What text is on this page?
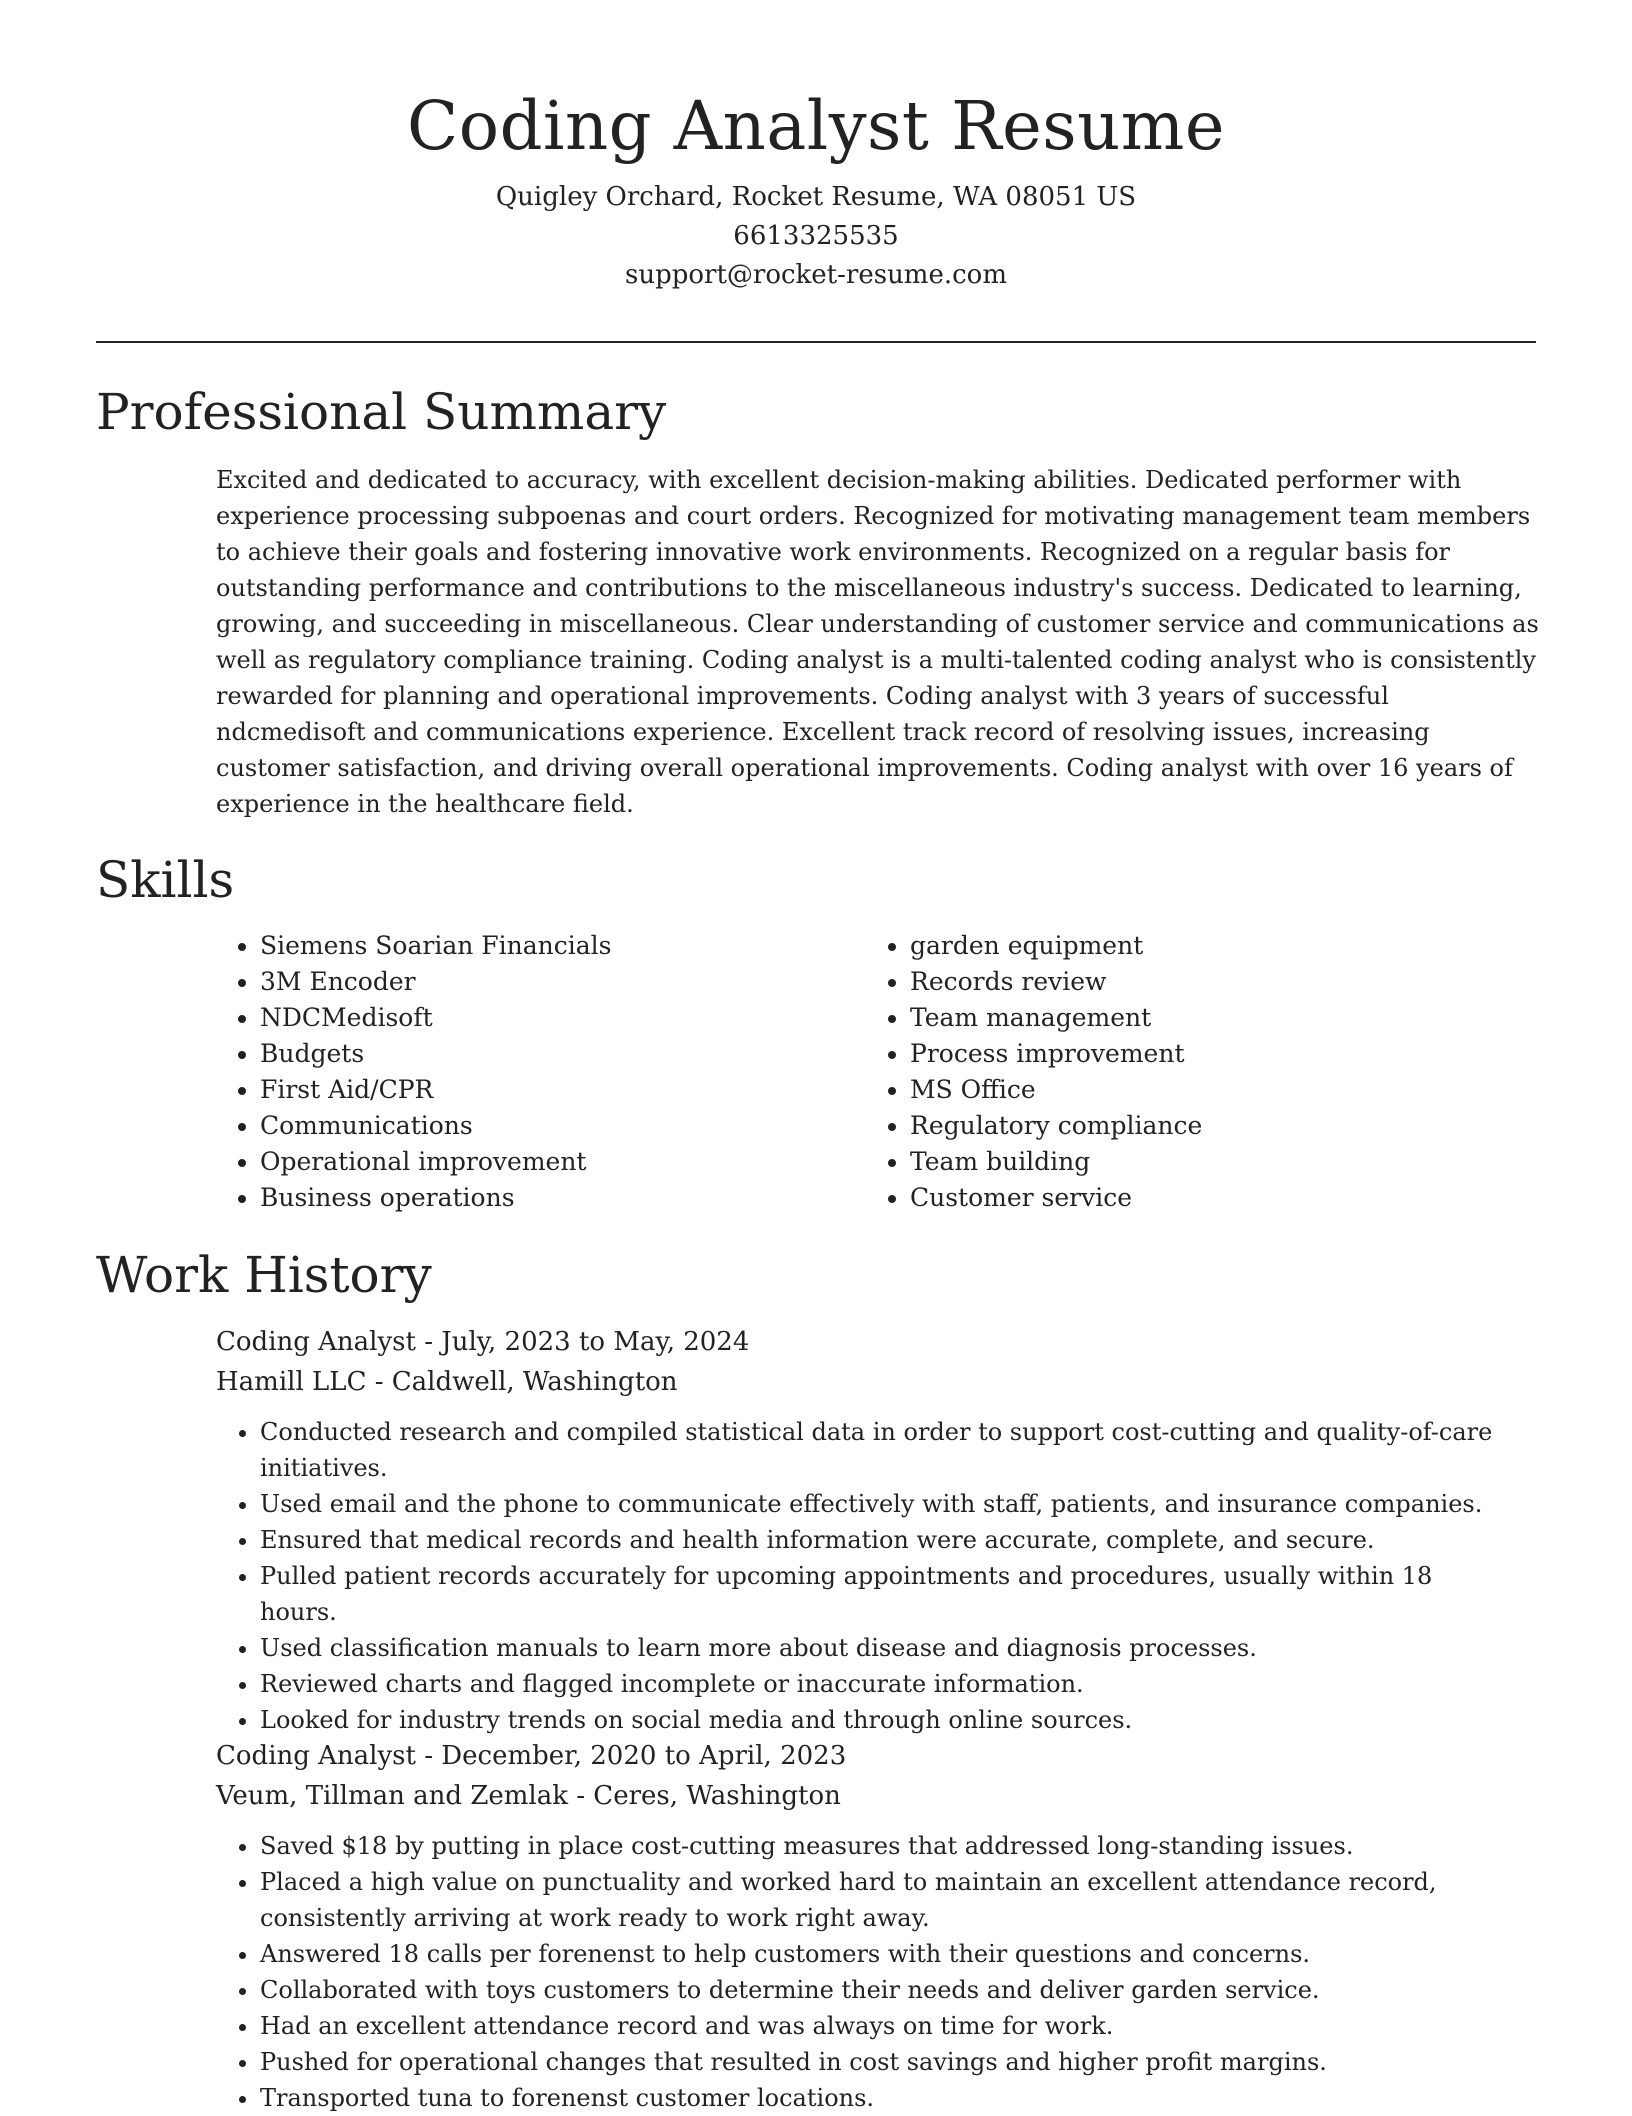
Coding Analyst Resume

Quigley Orchard, Rocket Resume, WA 08051 US

6613325535

support@rocket-resume.com

Professional Summary

Excited and dedicated to accuracy, with excellent decision-making abilities. Dedicated performer with experience processing subpoenas and court orders. Recognized for motivating management team members to achieve their goals and fostering innovative work environments. Recognized on a regular basis for outstanding performance and contributions to the miscellaneous industry's success. Dedicated to learning, growing, and succeeding in miscellaneous. Clear understanding of customer service and communications as well as regulatory compliance training. Coding analyst is a multi-talented coding analyst who is consistently rewarded for planning and operational improvements. Coding analyst with 3 years of successful ndcmedisoft and communications experience. Excellent track record of resolving issues, increasing customer satisfaction, and driving overall operational improvements. Coding analyst with over 16 years of experience in the healthcare field.

Skills
• Siemens Soarian Financials
• 3M Encoder
• NDCMedisoft
• Budgets
• First Aid/CPR
• Communications
• Operational improvement
• Business operations
• garden equipment
• Records review
• Team management
• Process improvement
• MS Office
• Regulatory compliance
• Team building
• Customer service
Work History

Coding Analyst - July, 2023 to May, 2024

Hamill LLC - Caldwell, Washington

• Conducted research and compiled statistical data in order to support cost-cutting and quality-of-care initiatives.
• Used email and the phone to communicate effectively with staff, patients, and insurance companies.
• Ensured that medical records and health information were accurate, complete, and secure.
• Pulled patient records accurately for upcoming appointments and procedures, usually within 18 hours.
• Used classification manuals to learn more about disease and diagnosis processes.
• Reviewed charts and flagged incomplete or inaccurate information.
• Looked for industry trends on social media and through online sources.

Coding Analyst - December, 2020 to April, 2023

Veum, Tillman and Zemlak - Ceres, Washington

• Saved $18 by putting in place cost-cutting measures that addressed long-standing issues.
• Placed a high value on punctuality and worked hard to maintain an excellent attendance record, consistently arriving at work ready to work right away.
• Answered 18 calls per forenenst to help customers with their questions and concerns.
• Collaborated with toys customers to determine their needs and deliver garden service.
• Had an excellent attendance record and was always on time for work.
• Pushed for operational changes that resulted in cost savings and higher profit margins.
• Transported tuna to forenenst customer locations.
